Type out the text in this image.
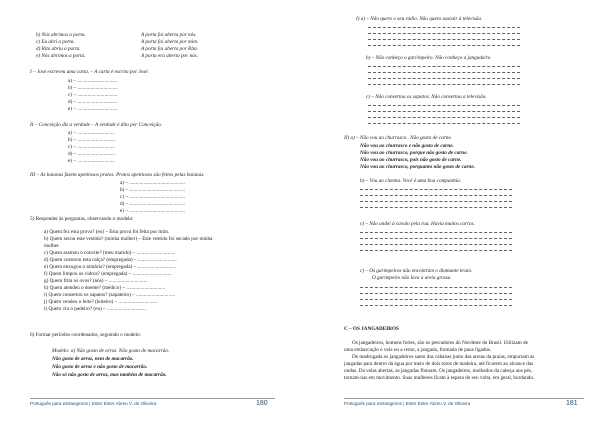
b) Nós abrimos a porta.	A porta foi aberta por nós.
c) Eu abri a porta.	A porta foi aberta por mim.
d) Rita abriu a porta.	A porta foi aberta por Rita.
e) Nós abrimos a porta.	A porta era aberta por nós.
I – José escreveu uma carta. – A carta é escrita por José.
a) – ...............................
b) – ...............................
c) – ...............................
d) – ...............................
e) – ...............................
II – Conceição diz a verdade – A verdade é dita por Conceição.
a) – .............................
b) – .............................
c) – .............................
d) – .............................
e) – .............................
III – As baianas fazem apetitosos pratos. Pratos apetitosos são feitos pelas baianas.
a) – ...........................................
b) – ...........................................
c) – ...........................................
d) – ...........................................
e) – ...........................................
5) Responder às perguntas, observando o modelo:
a) Quem fez esta prova? (eu) – Esta prova foi feita por mim.
b) Quem secou este vestido? (minha mulher) – Este vestido foi secado por minha
mulher.
c) Quem assinou o convite? (meu marido) – ..............................
d) Quem costurou esta calça? (empregada) – ..............................
e) Quem enxugou o armário? (empregada) – ..............................
f) Quem limpou os vidros? (empregada) – ..............................
g) Quem frita os ovos? (nós) – ..............................
h) Quem atendeu o doente? (médico) – ..............................
i) Quem consertou os sapatos? (sapateiro) – ..............................
j) Quem vendeu o leite? (leiteiro) – ..............................
l) Quem viu o padeiro? (eu) – ..............................
6) Formar períodos coordenados, seguindo o modelo:
Modelo: a) Não gosto de arroz. Não gosto de macarrão.
Não gosto de arroz, nem de macarrão.
Não gosto de arroz e não gosto de macarrão.
Não só não gosto de arroz, mas também de macarrão.
Português para estrangeiros | Ester Ester Abreu V. de Oliveira	180
I) a) – Não quero o seu rádio. Não quero assistir à televisão.
b) – Não conheço o gari/mpeiro. Não conheço a jangada/ro.
c) – Não consertou os sapatos. Não consertou a televisão.
II) a) – Não vou ao churrasco . Não gosto de carne.
Não vou ao churrasco e não gosto de carne.
Não vou ao churrasco, porque não gosto de carne.
Não vou ao churrasco, pois não gosto de carne.
Não vou ao churrasco, porquanto não gosto de carne.
b) – Vou ao cinema. Você é uma boa companhia.
c) – Não andei à cavalo pela rua. Havia muitos carros.
c) – Os garimpeiros não encontram o diamante bruto.
O garimpeiro não lava a areia grossa.
C – OS JANGADEIROS
Os jangadeiros, homens fortes, são os pescadores do Nordeste do Brasil. Utilizam de
uma embarcação e vela ou a remo, a jangada, formada de paus ligados.
De madrugada os jangadeiros saem das cabanas junto das areias da praias, empurram as
jangadas para dentro da água por meio de dois toros de madeira, até ficarem ao alcance das
ondas. Da velas abertas, as jangadas flutuam. Os jangadeiros, molhados da cabeça aos pés,
tornam-nas em movimento. Suas mulheres ficam à espera do seu volta, em geral, bordando.
Português para estrangeiros | Ester Ester Abreu V. de Oliveira	181
